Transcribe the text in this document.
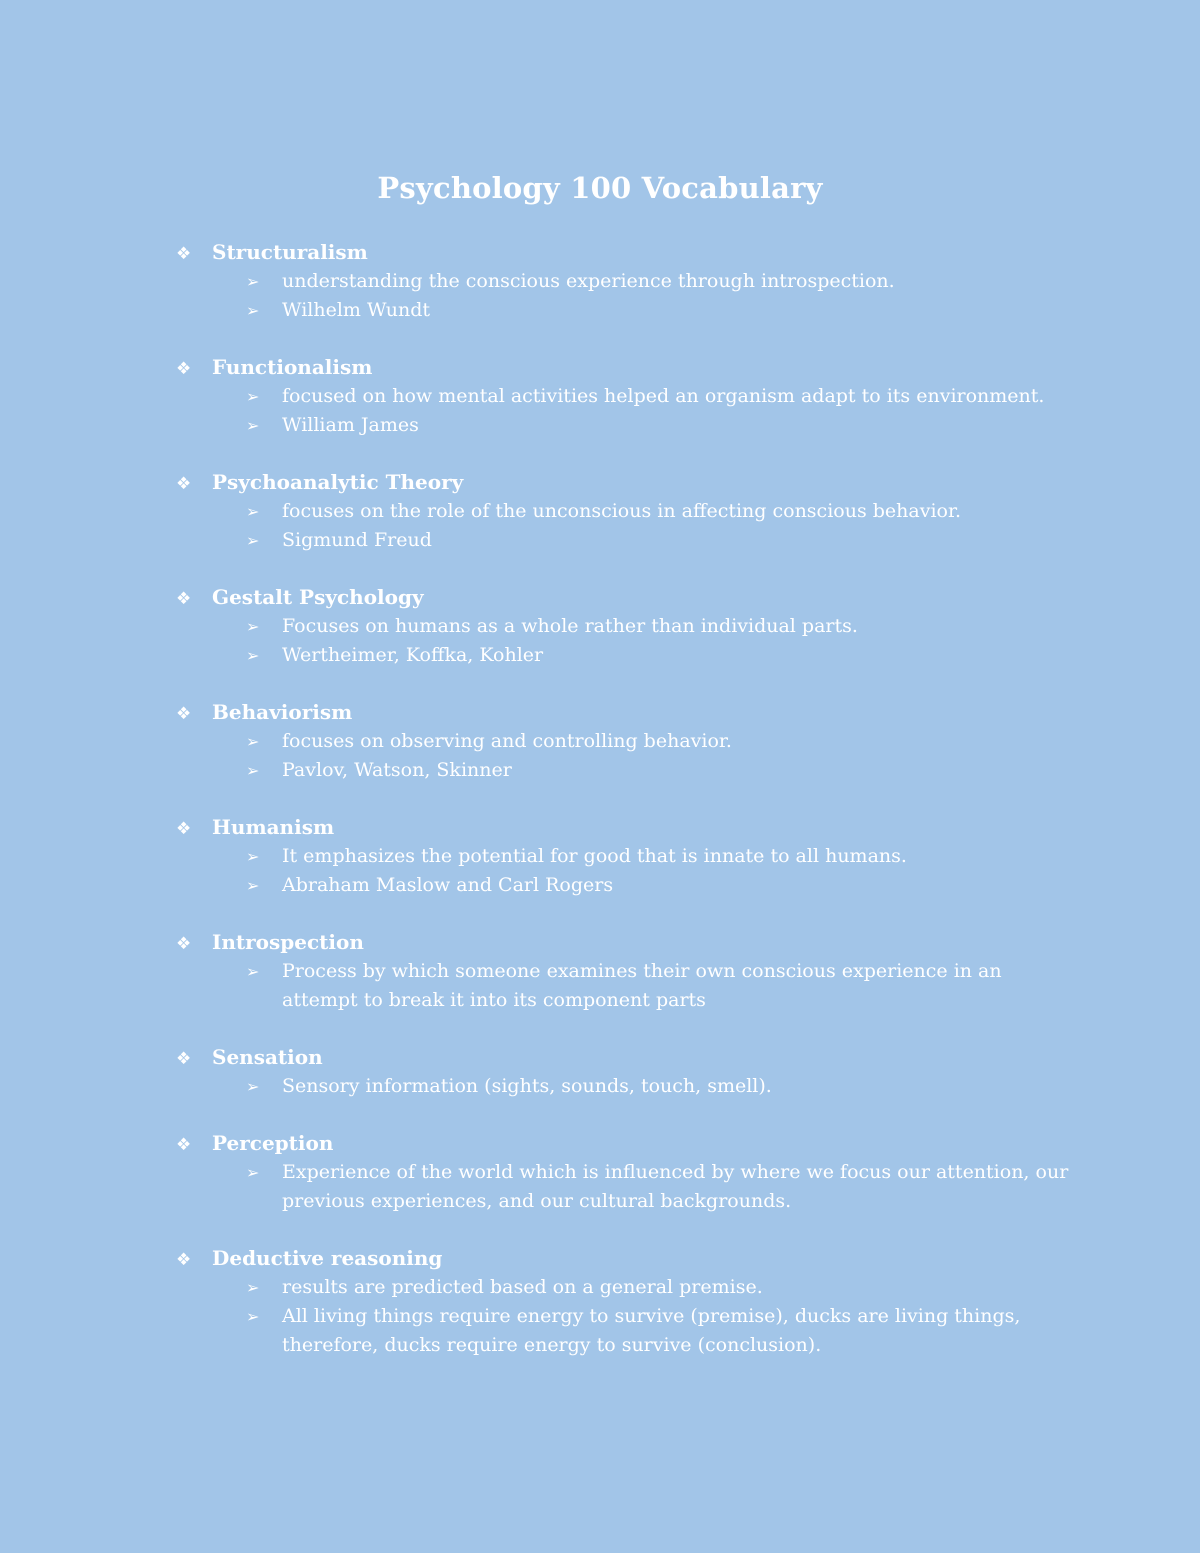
Psychology 100 Vocabulary
❖	Structuralism
➢	understanding the conscious experience through introspection.
➢	Wilhelm Wundt
❖	Functionalism
➢	focused on how mental activities helped an organism adapt to its environment.
➢	William James
❖	Psychoanalytic Theory
➢	focuses on the role of the unconscious in affecting conscious behavior.
➢	Sigmund Freud
❖	Gestalt Psychology
➢	Focuses on humans as a whole rather than individual parts.
➢	Wertheimer, Koffka, Kohler
❖	Behaviorism
➢	focuses on observing and controlling behavior.
➢	Pavlov, Watson, Skinner
❖	Humanism
➢	It emphasizes the potential for good that is innate to all humans.
➢	Abraham Maslow and Carl Rogers
❖	Introspection
➢	Process by which someone examines their own conscious experience in an attempt to break it into its component parts
❖	Sensation
➢	Sensory information (sights, sounds, touch, smell).
❖	Perception
➢	Experience of the world which is influenced by where we focus our attention, our previous experiences, and our cultural backgrounds.
❖	Deductive reasoning
➢	results are predicted based on a general premise.
➢	All living things require energy to survive (premise), ducks are living things, therefore, ducks require energy to survive (conclusion).
